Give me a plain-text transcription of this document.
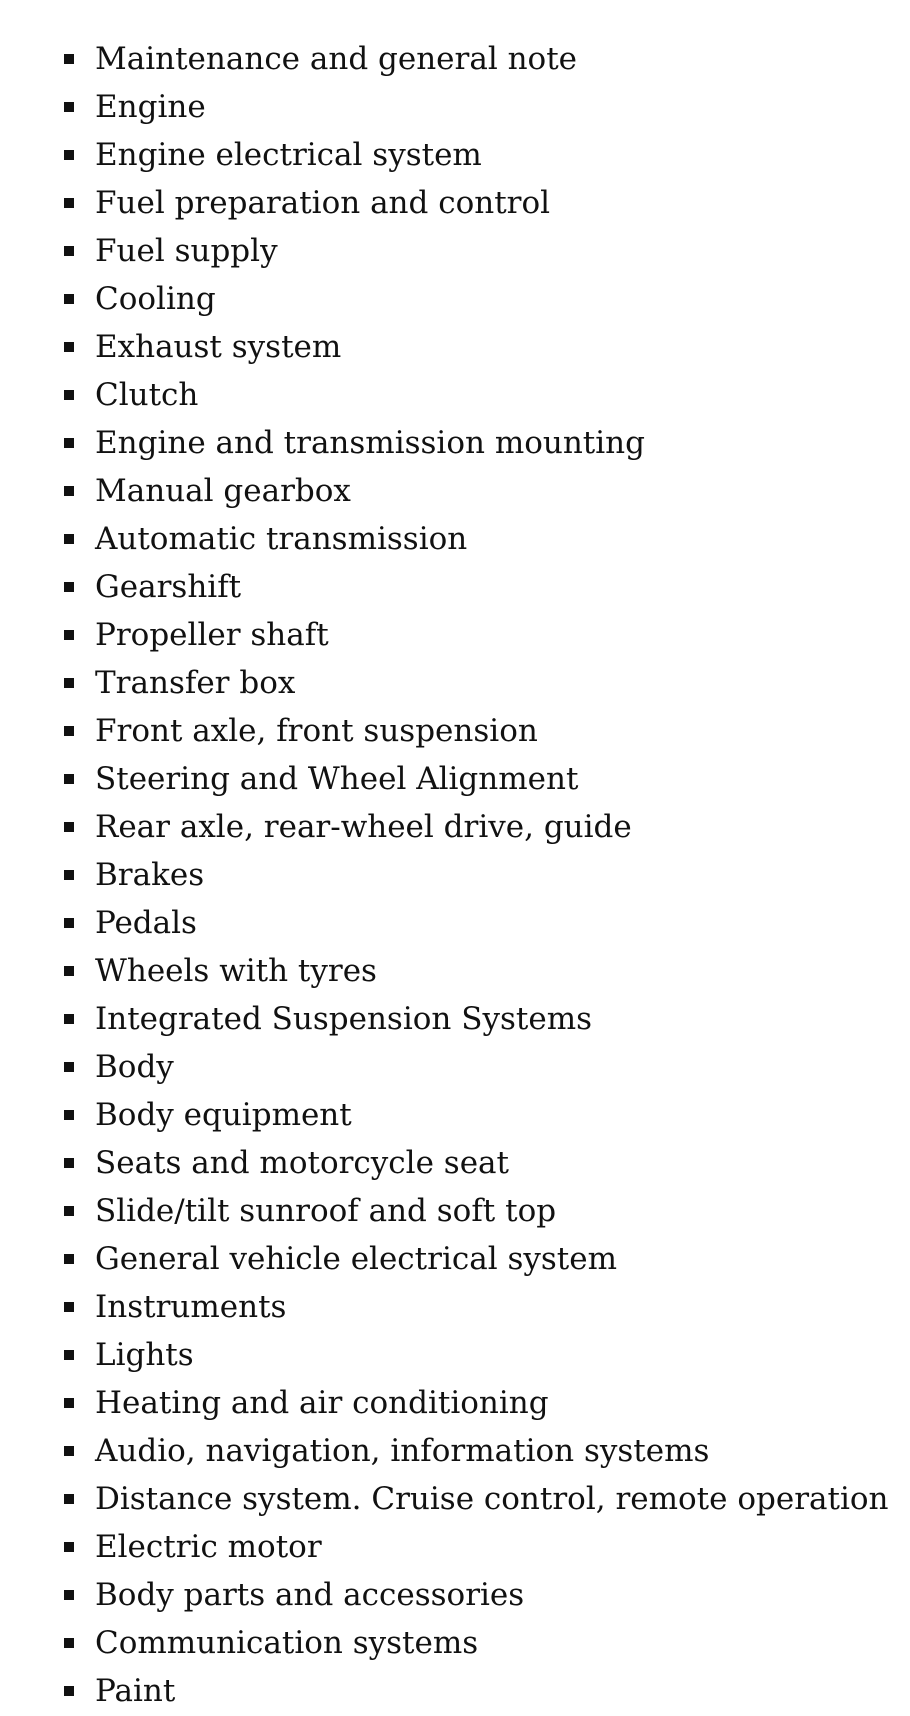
Maintenance and general note
Engine
Engine electrical system
Fuel preparation and control
Fuel supply
Cooling
Exhaust system
Clutch
Engine and transmission mounting
Manual gearbox
Automatic transmission
Gearshift
Propeller shaft
Transfer box
Front axle, front suspension
Steering and Wheel Alignment
Rear axle, rear-wheel drive, guide
Brakes
Pedals
Wheels with tyres
Integrated Suspension Systems
Body
Body equipment
Seats and motorcycle seat
Slide/tilt sunroof and soft top
General vehicle electrical system
Instruments
Lights
Heating and air conditioning
Audio, navigation, information systems
Distance system. Cruise control, remote operation
Electric motor
Body parts and accessories
Communication systems
Paint
